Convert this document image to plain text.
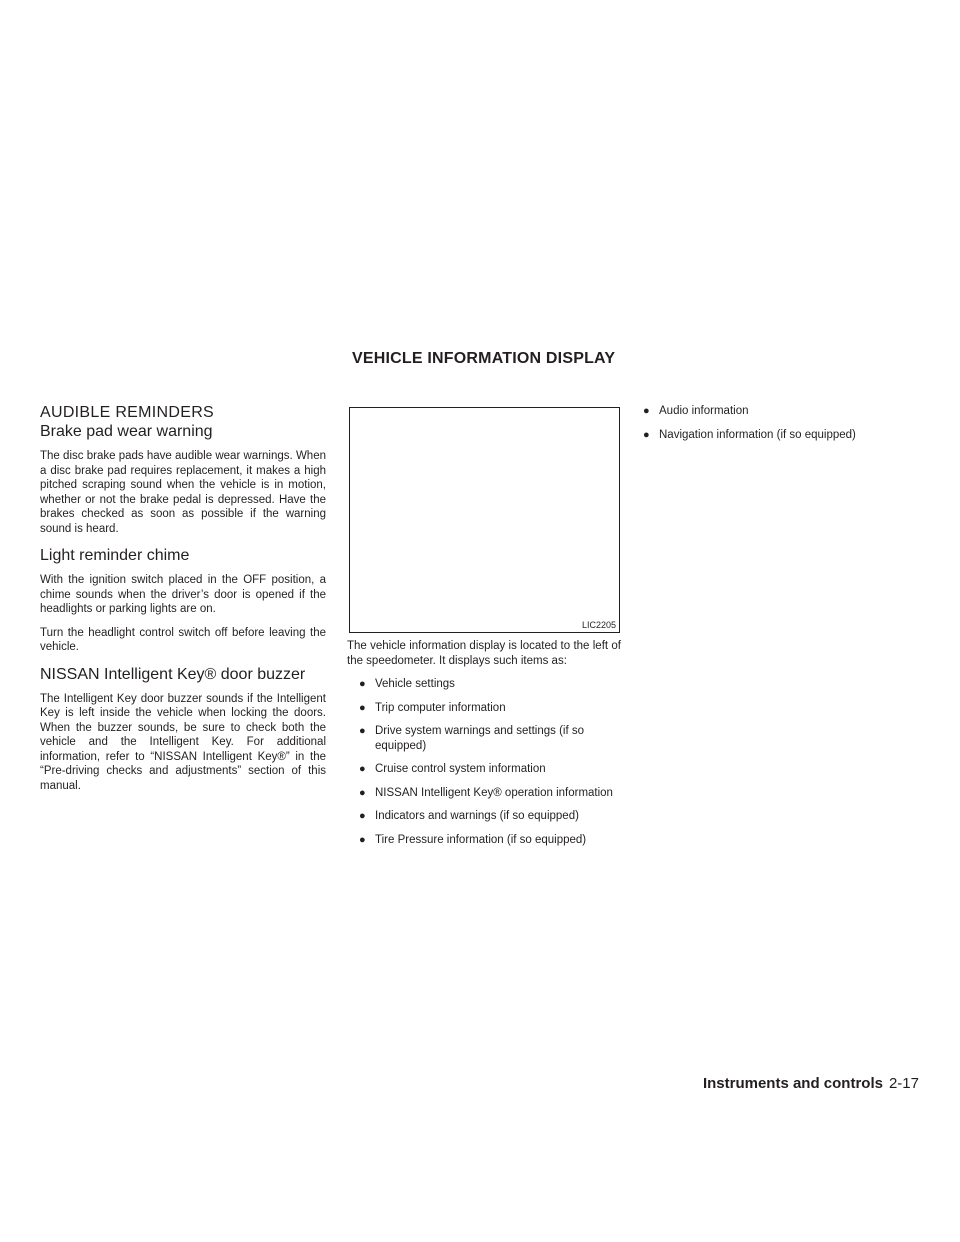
VEHICLE INFORMATION DISPLAY
AUDIBLE REMINDERS
Brake pad wear warning

The disc brake pads have audible wear warnings. When a disc brake pad requires replacement, it makes a high pitched scraping sound when the vehicle is in motion, whether or not the brake pedal is depressed. Have the brakes checked as soon as possible if the warning sound is heard.

Light reminder chime

With the ignition switch placed in the OFF position, a chime sounds when the driver’s door is opened if the headlights or parking lights are on.

Turn the headlight control switch off before leaving the vehicle.

NISSAN Intelligent Key® door buzzer

The Intelligent Key door buzzer sounds if the Intelligent Key is left inside the vehicle when locking the doors. When the buzzer sounds, be sure to check both the vehicle and the Intelligent Key. For additional information, refer to “NISSAN Intelligent Key®” in the “Pre-driving checks and adjustments” section of this manual.

LIC2205

The vehicle information display is located to the left of the speedometer. It displays such items as:

● Vehicle settings
● Trip computer information
● Drive system warnings and settings (if so equipped)
● Cruise control system information
● NISSAN Intelligent Key® operation information
● Indicators and warnings (if so equipped)
● Tire Pressure information (if so equipped)
● Audio information
● Navigation information (if so equipped)
Instruments and controls 2-17
